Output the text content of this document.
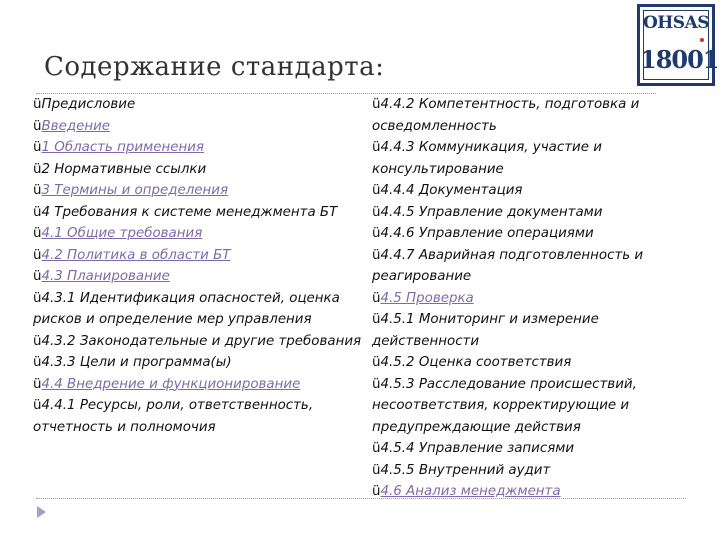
Содержание стандарта:
OHSAS
18001
üПредисловие
üВведение
ü1 Область применения
ü2 Нормативные ссылки
ü3 Термины и определения
ü4 Требования к системе менеджмента БТ
ü4.1 Общие требования
ü4.2 Политика в области БТ
ü4.3 Планирование
ü4.3.1 Идентификация опасностей, оценка рисков и определение мер управления
ü4.3.2 Законодательные и другие требования
ü4.3.3 Цели и программа(ы)
ü4.4 Внедрение и функционирование
ü4.4.1 Ресурсы, роли, ответственность, отчетность и полномочия
ü4.4.2 Компетентность, подготовка и осведомленность
ü4.4.3 Коммуникация, участие и консультирование
ü4.4.4 Документация
ü4.4.5 Управление документами
ü4.4.6 Управление операциями
ü4.4.7 Аварийная подготовленность и реагирование
ü4.5 Проверка
ü4.5.1 Мониторинг и измерение действенности
ü4.5.2 Оценка соответствия
ü4.5.3 Расследование происшествий, несоответствия, корректирующие и предупреждающие действия
ü4.5.4 Управление записями
ü4.5.5 Внутренний аудит
ü4.6 Анализ менеджмента
